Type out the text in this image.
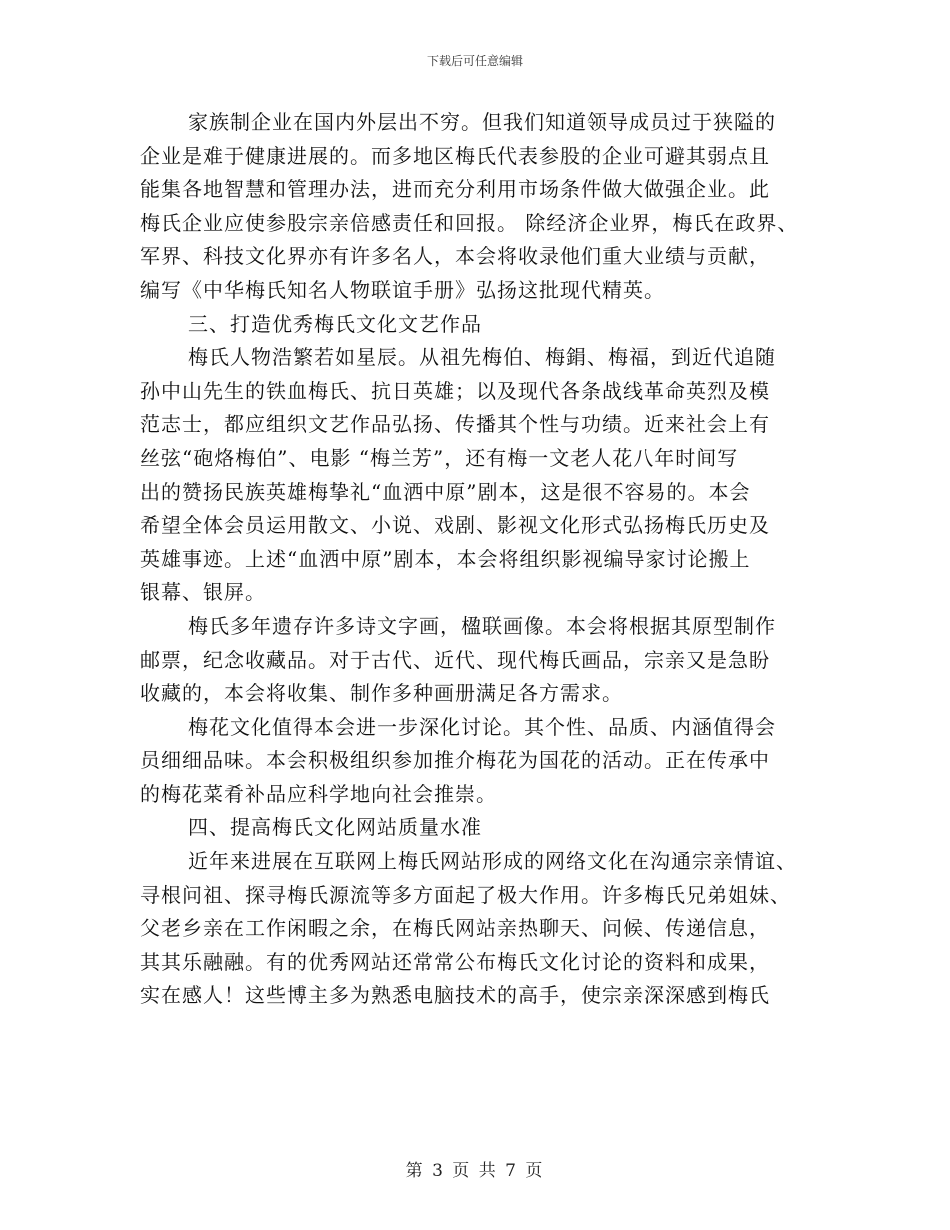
下载后可任意编辑
家族制企业在国内外层出不穷。但我们知道领导成员过于狭隘的
企业是难于健康进展的。而多地区梅氏代表参股的企业可避其弱点且
能集各地智慧和管理办法，进而充分利用市场条件做大做强企业。此
梅氏企业应使参股宗亲倍感责任和回报。 除经济企业界，梅氏在政界、
军界、科技文化界亦有许多名人，本会将收录他们重大业绩与贡献，
编写《中华梅氏知名人物联谊手册》弘扬这批现代精英。
三、打造优秀梅氏文化文艺作品
梅氏人物浩繁若如星辰。从祖先梅伯、梅鋗、梅福，到近代追随
孙中山先生的铁血梅氏、抗日英雄；以及现代各条战线革命英烈及模
范志士，都应组织文艺作品弘扬、传播其个性与功绩。近来社会上有
丝弦“砲烙梅伯”、电影 “梅兰芳”，还有梅一文老人花八年时间写
出的赞扬民族英雄梅挚礼“血洒中原”剧本，这是很不容易的。本会
希望全体会员运用散文、小说、戏剧、影视文化形式弘扬梅氏历史及
英雄事迹。上述“血洒中原”剧本，本会将组织影视编导家讨论搬上
银幕、银屏。
梅氏多年遗存许多诗文字画，楹联画像。本会将根据其原型制作
邮票，纪念收藏品。对于古代、近代、现代梅氏画品，宗亲又是急盼
收藏的，本会将收集、制作多种画册满足各方需求。
梅花文化值得本会进一步深化讨论。其个性、品质、内涵值得会
员细细品味。本会积极组织参加推介梅花为国花的活动。正在传承中
的梅花菜肴补品应科学地向社会推崇。
四、提高梅氏文化网站质量水准
近年来进展在互联网上梅氏网站形成的网络文化在沟通宗亲情谊、
寻根问祖、探寻梅氏源流等多方面起了极大作用。许多梅氏兄弟姐妹、
父老乡亲在工作闲暇之余，在梅氏网站亲热聊天、问候、传递信息，
其其乐融融。有的优秀网站还常常公布梅氏文化讨论的资料和成果，
实在感人！这些博主多为熟悉电脑技术的高手，使宗亲深深感到梅氏
第 3 页 共 7 页
